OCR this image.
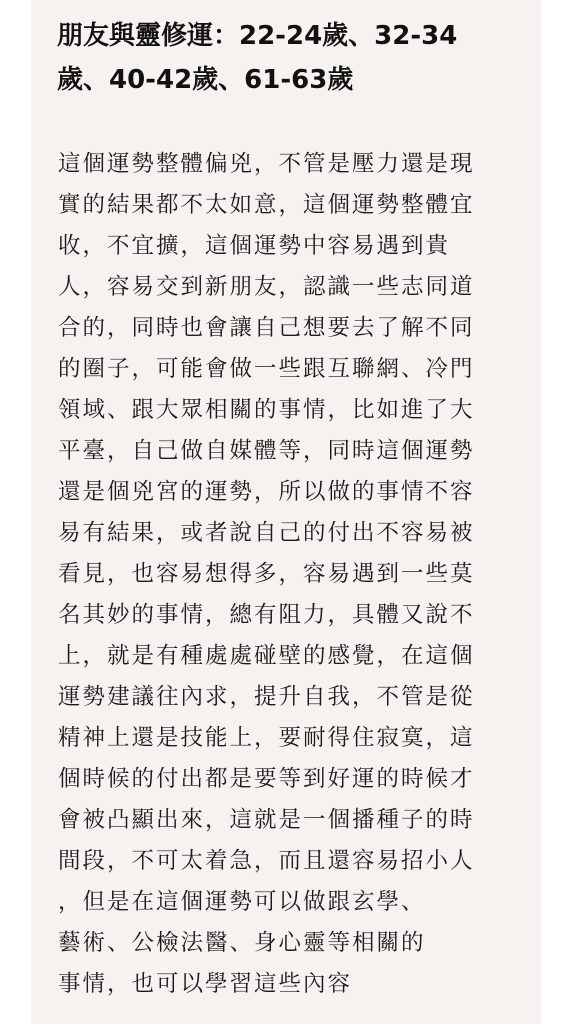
朋友與靈修運：22-24歲、32-34
歲、40-42歲、61-63歲

這個運勢整體偏兇，不管是壓力還是現
實的結果都不太如意，這個運勢整體宜
收，不宜擴，這個運勢中容易遇到貴
人，容易交到新朋友，認識一些志同道
合的，同時也會讓自己想要去了解不同
的圈子，可能會做一些跟互聯網、冷門
領域、跟大眾相關的事情，比如進了大
平臺，自己做自媒體等，同時這個運勢
還是個兇宮的運勢，所以做的事情不容
易有結果，或者說自己的付出不容易被
看見，也容易想得多，容易遇到一些莫
名其妙的事情，總有阻力，具體又說不
上，就是有種處處碰壁的感覺，在這個
運勢建議往內求，提升自我，不管是從
精神上還是技能上，要耐得住寂寞，這
個時候的付出都是要等到好運的時候才
會被凸顯出來，這就是一個播種子的時
間段，不可太着急，而且還容易招小人
，但是在這個運勢可以做跟玄學、
藝術、公檢法醫、身心靈等相關的
事情，也可以學習這些內容
